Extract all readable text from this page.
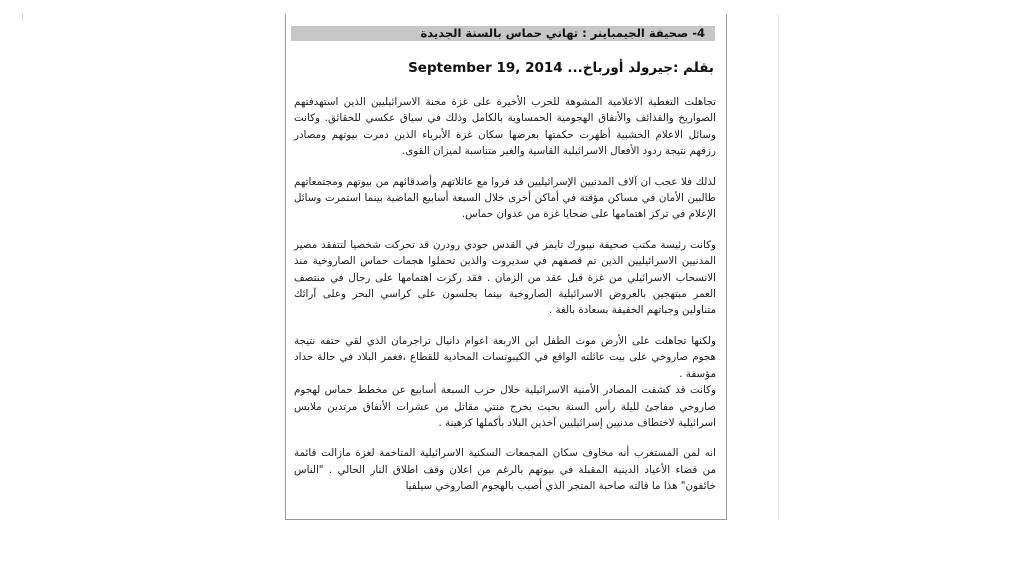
4- صحيفة الجيمباينر : تهاني حماس بالسنة الجديدة
بقلم :جيرولد أورباخ... September 19, 2014

تجاهلت التغطية الاعلامية المشوهة للحرب الأخيرة على غزة محنة الاسرائيليين الذين استهدفتهم الصواريخ والقذائف والأنفاق الهجومية الحمساوية بالكامل وذلك في سياق عكسي للحقائق. وكانت وسائل الاعلام الخشبية أظهرت حكمتها بعرضها سكان غزة الأبرياء الذين دمرت بيوتهم ومصادر رزقهم نتيجة ردود الأفعال الاسرائيلية القاسية والغير متناسبة لميزان القوى.

لذلك فلا عجب ان آلاف المدنيين الإسرائيليين قد فروا مع عائلاتهم وأصدقائهم من بيوتهم ومجتمعاتهم طالبين الأمان في مساكن مؤقتة في أماكن أخرى خلال السبعة أسابيع الماضية بينما استمرت وسائل الإعلام في تركز اهتمامها على ضحايا غزة من عدوان حماس.

وكانت رئيسة مكتب صحيفة نيبورك تايمز في القدس جودي رودرن قد تحركت شخصيا لتتفقد مصير المدنيين الاسرائيليين الذين تم قصفهم في سديروت والذين تحملوا هجمات حماس الصاروخية منذ الانسحاب الاسرائيلي من غزة قبل عقد من الزمان . فقد ركزت اهتمامها على رجال في منتصف العمر مبتهجين بالعروض الاسرائيلية الصاروخية بينما يجلسون على كراسي البحر وعلى آرائك متناولين وجباتهم الخفيفة بسعادة بالغة .

ولكنها تجاهلت على الأرض موت الطفل ابن الاربعة اعوام دانيال تراجرمان الذي لقي حتفه نتيجة هجوم صاروخي على بيت عائلته الواقع في الكيبوتسات المحادية للقطاع ،فغمر البلاد في حالة حداد مؤسفة .

وكانت قد كشفت المصادر الأمنية الاسرائيلية خلال حرب السبعة أسابيع عن مخطط حماس لهجوم صاروخي مفاجئ لليلة رأس السنة بحيث يخرج منتي مقاتل من عشرات الأنفاق مرتدين ملابس اسرائيلية لاختطاف مدنيين إسرائيليين آخذين البلاد بأكملها كرهينة .

انه لمن المستغرب أنه مخاوف سكان المجمعات السكنية الاسرائيلية المتاخمة لغزة مازالت قائمة من قضاء الأعياد الدينية المقبلة في بيوتهم بالرغم من اعلان وقف اطلاق النار الحالي . "الناس خائفون" هذا ما قالته صاحبة المتجر الذي أصيب بالهجوم الصاروخي سيلفيا
